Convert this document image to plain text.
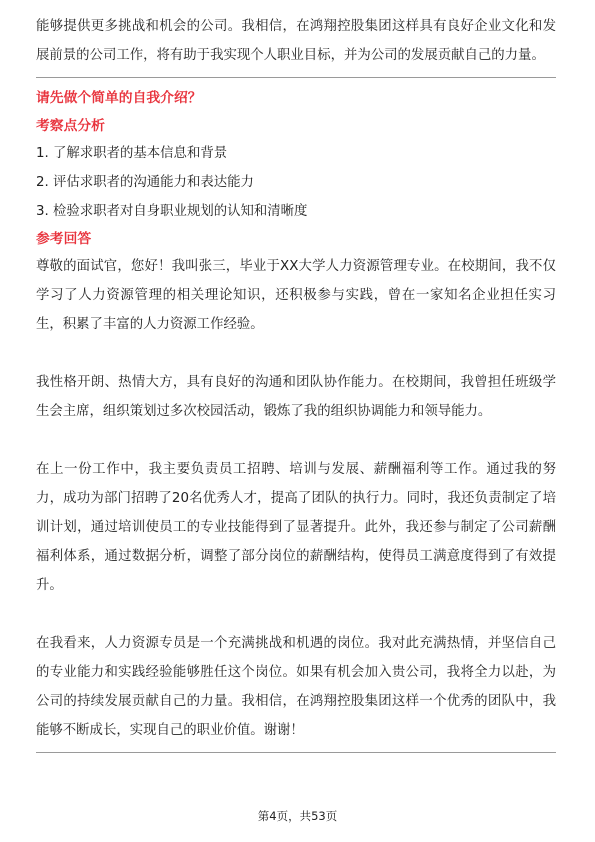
能够提供更多挑战和机会的公司。我相信，在鸿翔控股集团这样具有良好企业文化和发展前景的公司工作，将有助于我实现个人职业目标，并为公司的发展贡献自己的力量。

请先做个简单的自我介绍？

考察点分析

1. 了解求职者的基本信息和背景

2. 评估求职者的沟通能力和表达能力

3. 检验求职者对自身职业规划的认知和清晰度

参考回答

尊敬的面试官，您好！我叫张三，毕业于XX大学人力资源管理专业。在校期间，我不仅学习了人力资源管理的相关理论知识，还积极参与实践，曾在一家知名企业担任实习生，积累了丰富的人力资源工作经验。

我性格开朗、热情大方，具有良好的沟通和团队协作能力。在校期间，我曾担任班级学生会主席，组织策划过多次校园活动，锻炼了我的组织协调能力和领导能力。

在上一份工作中，我主要负责员工招聘、培训与发展、薪酬福利等工作。通过我的努力，成功为部门招聘了20名优秀人才，提高了团队的执行力。同时，我还负责制定了培训计划，通过培训使员工的专业技能得到了显著提升。此外，我还参与制定了公司薪酬福利体系，通过数据分析，调整了部分岗位的薪酬结构，使得员工满意度得到了有效提升。

在我看来，人力资源专员是一个充满挑战和机遇的岗位。我对此充满热情，并坚信自己的专业能力和实践经验能够胜任这个岗位。如果有机会加入贵公司，我将全力以赴，为公司的持续发展贡献自己的力量。我相信，在鸿翔控股集团这样一个优秀的团队中，我能够不断成长，实现自己的职业价值。谢谢！

第4页，共53页
